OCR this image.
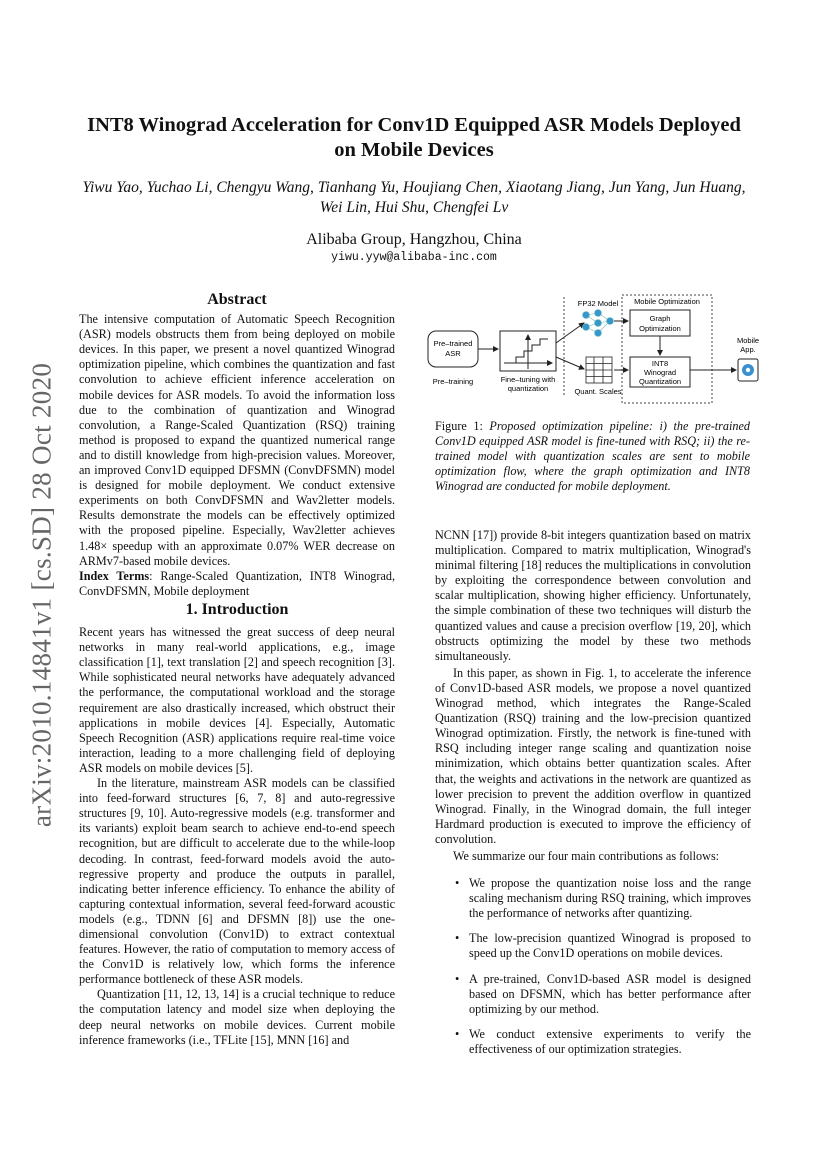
arXiv:2010.14841v1 [cs.SD] 28 Oct 2020
INT8 Winograd Acceleration for Conv1D Equipped ASR Models Deployed on Mobile Devices
Yiwu Yao, Yuchao Li, Chengyu Wang, Tianhang Yu, Houjiang Chen, Xiaotang Jiang, Jun Yang, Jun Huang, Wei Lin, Hui Shu, Chengfei Lv
Alibaba Group, Hangzhou, China
yiwu.yyw@alibaba-inc.com

Abstract

The intensive computation of Automatic Speech Recognition (ASR) models obstructs them from being deployed on mobile devices. In this paper, we present a novel quantized Winograd optimization pipeline, which combines the quantization and fast convolution to achieve efficient inference acceleration on mobile devices for ASR models. To avoid the information loss due to the combination of quantization and Winograd convolution, a Range-Scaled Quantization (RSQ) training method is proposed to expand the quantized numerical range and to distill knowledge from high-precision values. Moreover, an improved Conv1D equipped DFSMN (ConvDFSMN) model is designed for mobile deployment. We conduct extensive experiments on both ConvDFSMN and Wav2letter models. Results demonstrate the models can be effectively optimized with the proposed pipeline. Especially, Wav2letter achieves 1.48× speedup with an approximate 0.07% WER decrease on ARMv7-based mobile devices.

Index Terms: Range-Scaled Quantization, INT8 Winograd, ConvDFSMN, Mobile deployment

1. Introduction

Recent years has witnessed the great success of deep neural networks in many real-world applications, e.g., image classification [1], text translation [2] and speech recognition [3]. While sophisticated neural networks have adequately advanced the performance, the computational workload and the storage requirement are also drastically increased, which obstruct their applications in mobile devices [4]. Especially, Automatic Speech Recognition (ASR) applications require real-time voice interaction, leading to a more challenging field of deploying ASR models on mobile devices [5].

In the literature, mainstream ASR models can be classified into feed-forward structures [6, 7, 8] and auto-regressive structures [9, 10]. Auto-regressive models (e.g. transformer and its variants) exploit beam search to achieve end-to-end speech recognition, but are difficult to accelerate due to the while-loop decoding. In contrast, feed-forward models avoid the auto-regressive property and produce the outputs in parallel, indicating better inference efficiency. To enhance the ability of capturing contextual information, several feed-forward acoustic models (e.g., TDNN [6] and DFSMN [8]) use the one-dimensional convolution (Conv1D) to extract contextual features. However, the ratio of computation to memory access of the Conv1D is relatively low, which forms the inference performance bottleneck of these ASR models.

Quantization [11, 12, 13, 14] is a crucial technique to reduce the computation latency and model size when deploying the deep neural networks on mobile devices. Current mobile inference frameworks (i.e., TFLite [15], MNN [16] and

Pre–trained
ASR
Pre–training	Fine–tuning with
quantization
FP32 Model
Quant. Scales
Mobile Optimization
Graph
Optimization
INT8
Winograd
Quantization
Mobile
App.
Figure 1: Proposed optimization pipeline: i) the pre-trained Conv1D equipped ASR model is fine-tuned with RSQ; ii) the re-trained model with quantization scales are sent to mobile optimization flow, where the graph optimization and INT8 Winograd are conducted for mobile deployment.

NCNN [17]) provide 8-bit integers quantization based on matrix multiplication. Compared to matrix multiplication, Winograd's minimal filtering [18] reduces the multiplications in convolution by exploiting the correspondence between convolution and scalar multiplication, showing higher efficiency. Unfortunately, the simple combination of these two techniques will disturb the quantized values and cause a precision overflow [19, 20], which obstructs optimizing the model by these two methods simultaneously.

In this paper, as shown in Fig. 1, to accelerate the inference of Conv1D-based ASR models, we propose a novel quantized Winograd method, which integrates the Range-Scaled Quantization (RSQ) training and the low-precision quantized Winograd optimization. Firstly, the network is fine-tuned with RSQ including integer range scaling and quantization noise minimization, which obtains better quantization scales. After that, the weights and activations in the network are quantized as lower precision to prevent the addition overflow in quantized Winograd. Finally, in the Winograd domain, the full integer Hardmard production is executed to improve the efficiency of convolution.

We summarize our four main contributions as follows:

• We propose the quantization noise loss and the range scaling mechanism during RSQ training, which improves the performance of networks after quantizing.
• The low-precision quantized Winograd is proposed to speed up the Conv1D operations on mobile devices.
• A pre-trained, Conv1D-based ASR model is designed based on DFSMN, which has better performance after optimizing by our method.
• We conduct extensive experiments to verify the effectiveness of our optimization strategies.
